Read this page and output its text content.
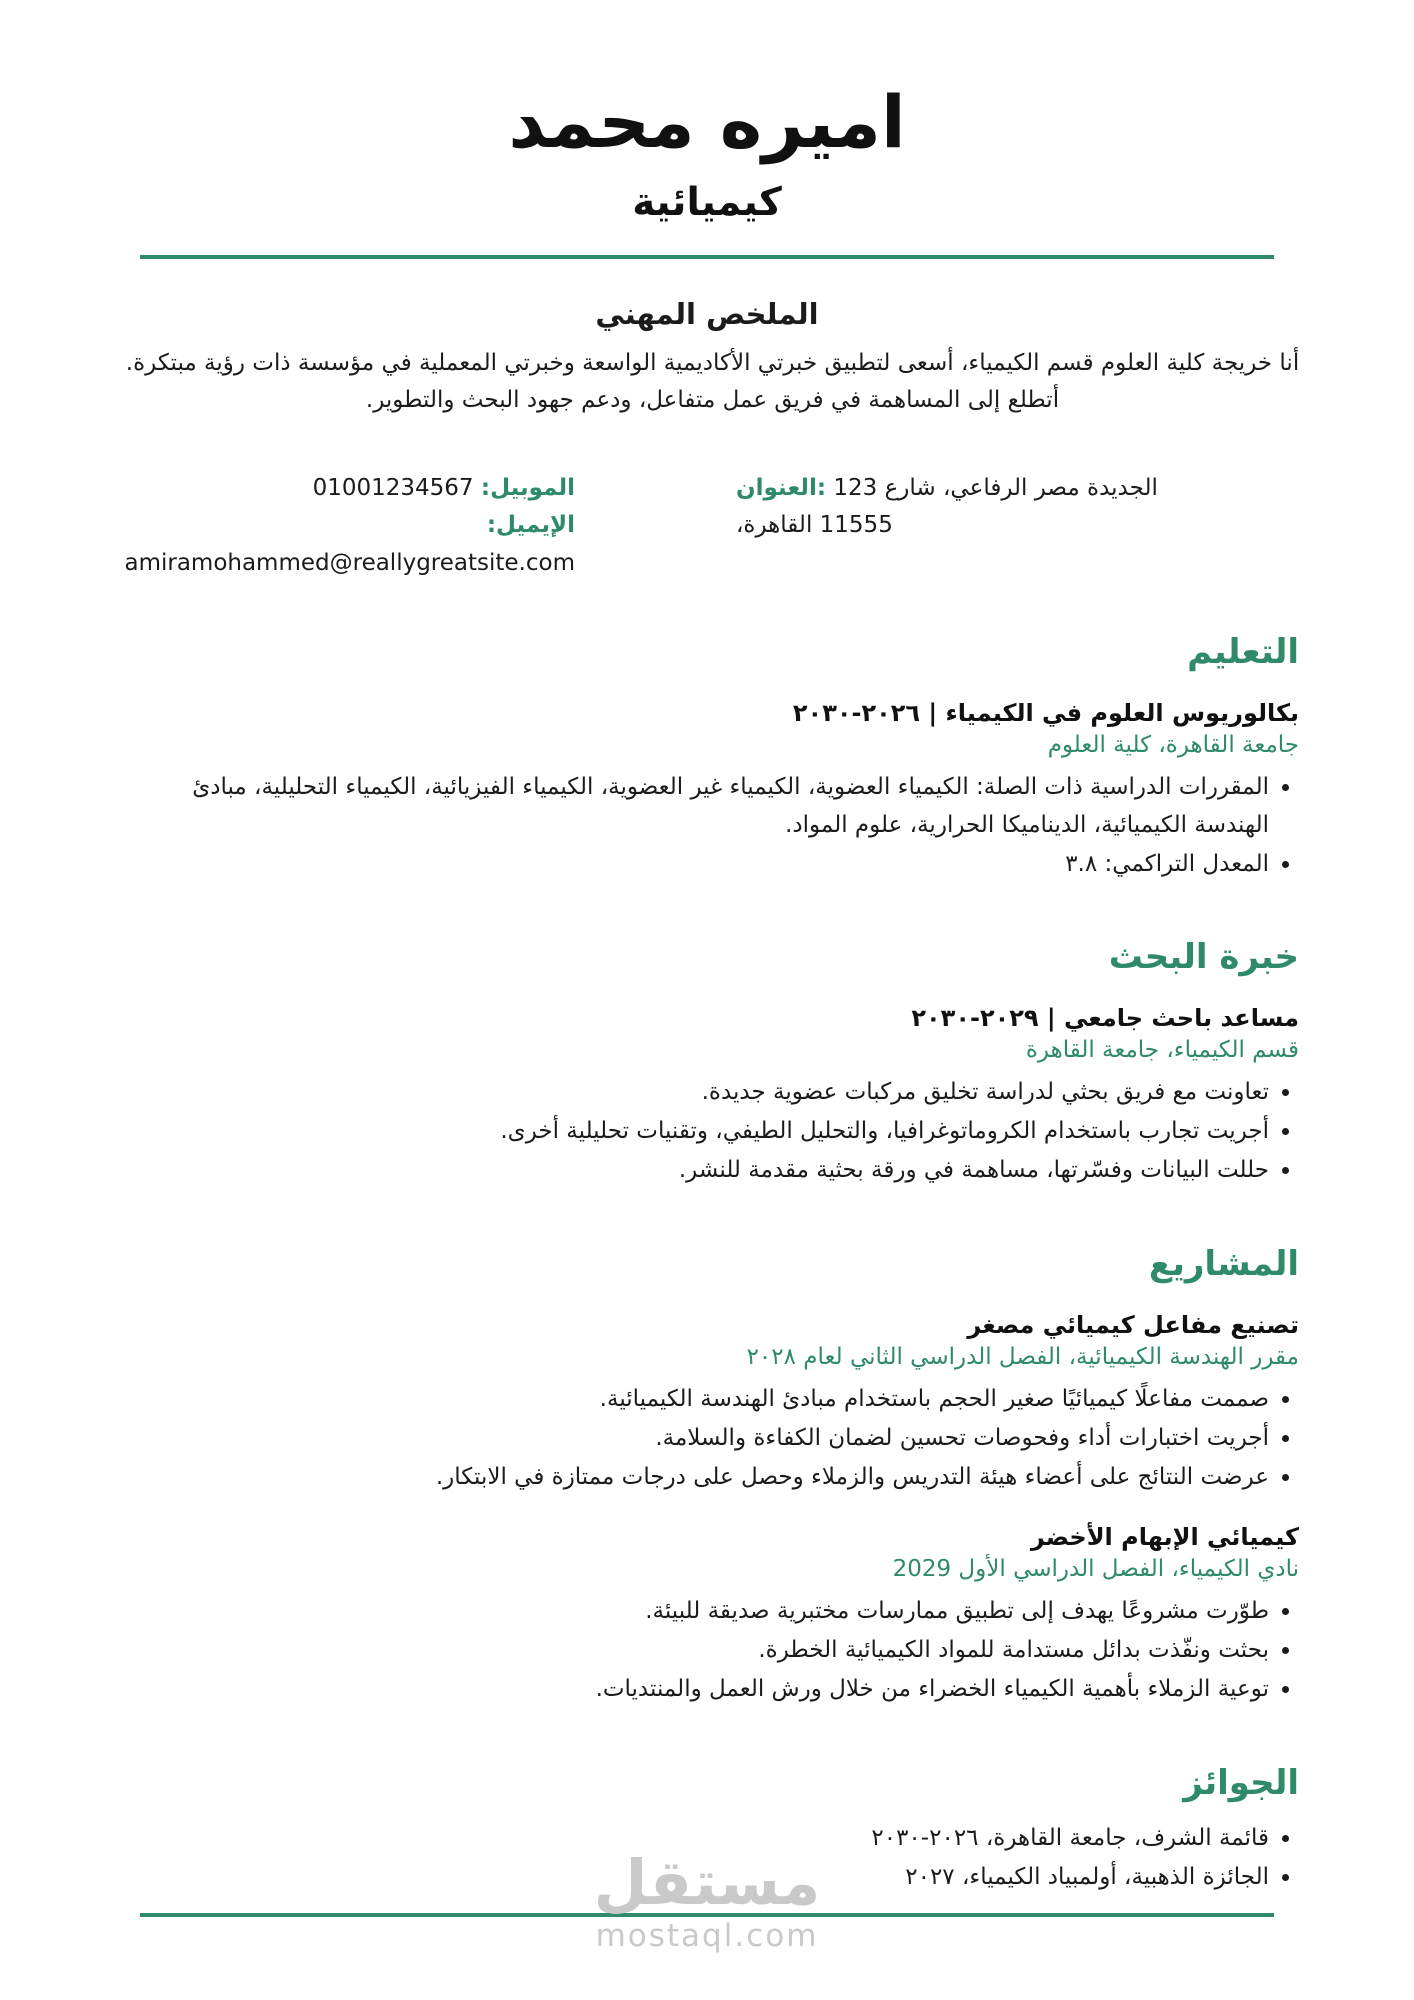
اميره محمد
كيميائية
الملخص المهني
أنا خريجة كلية العلوم قسم الكيمياء، أسعى لتطبيق خبرتي الأكاديمية الواسعة وخبرتي المعملية في مؤسسة ذات رؤية مبتكرة. أتطلع إلى المساهمة في فريق عمل متفاعل، ودعم جهود البحث والتطوير.
العنوان: 123 شارع الرفاعي، مصر الجديدة
القاهرة، 11555
الموبيل: 01001234567
الإيميل: amiramohammed@reallygreatsite.com
التعليم
بكالوريوس العلوم في الكيمياء | ٢٠٢٦-٢٠٣٠
جامعة القاهرة، كلية العلوم
• المقررات الدراسية ذات الصلة: الكيمياء العضوية، الكيمياء غير العضوية، الكيمياء الفيزيائية، الكيمياء التحليلية، مبادئ الهندسة الكيميائية، الديناميكا الحرارية، علوم المواد.
• المعدل التراكمي: ٣.٨
خبرة البحث
مساعد باحث جامعي | ٢٠٢٩-٢٠٣٠
قسم الكيمياء، جامعة القاهرة
• تعاونت مع فريق بحثي لدراسة تخليق مركبات عضوية جديدة.
• أجريت تجارب باستخدام الكروماتوغرافيا، والتحليل الطيفي، وتقنيات تحليلية أخرى.
• حللت البيانات وفسّرتها، مساهمة في ورقة بحثية مقدمة للنشر.
المشاريع
تصنيع مفاعل كيميائي مصغر
مقرر الهندسة الكيميائية، الفصل الدراسي الثاني لعام ٢٠٢٨
• صممت مفاعلًا كيميائيًا صغير الحجم باستخدام مبادئ الهندسة الكيميائية.
• أجريت اختبارات أداء وفحوصات تحسين لضمان الكفاءة والسلامة.
• عرضت النتائج على أعضاء هيئة التدريس والزملاء وحصل على درجات ممتازة في الابتكار.
كيميائي الإبهام الأخضر
نادي الكيمياء، الفصل الدراسي الأول 2029
• طوّرت مشروعًا يهدف إلى تطبيق ممارسات مختبرية صديقة للبيئة.
• بحثت ونفّذت بدائل مستدامة للمواد الكيميائية الخطرة.
• توعية الزملاء بأهمية الكيمياء الخضراء من خلال ورش العمل والمنتديات.
الجوائز
• قائمة الشرف، جامعة القاهرة، ٢٠٢٦-٢٠٣٠
• الجائزة الذهبية، أولمبياد الكيمياء، ٢٠٢٧
مستقل
mostaql.com
